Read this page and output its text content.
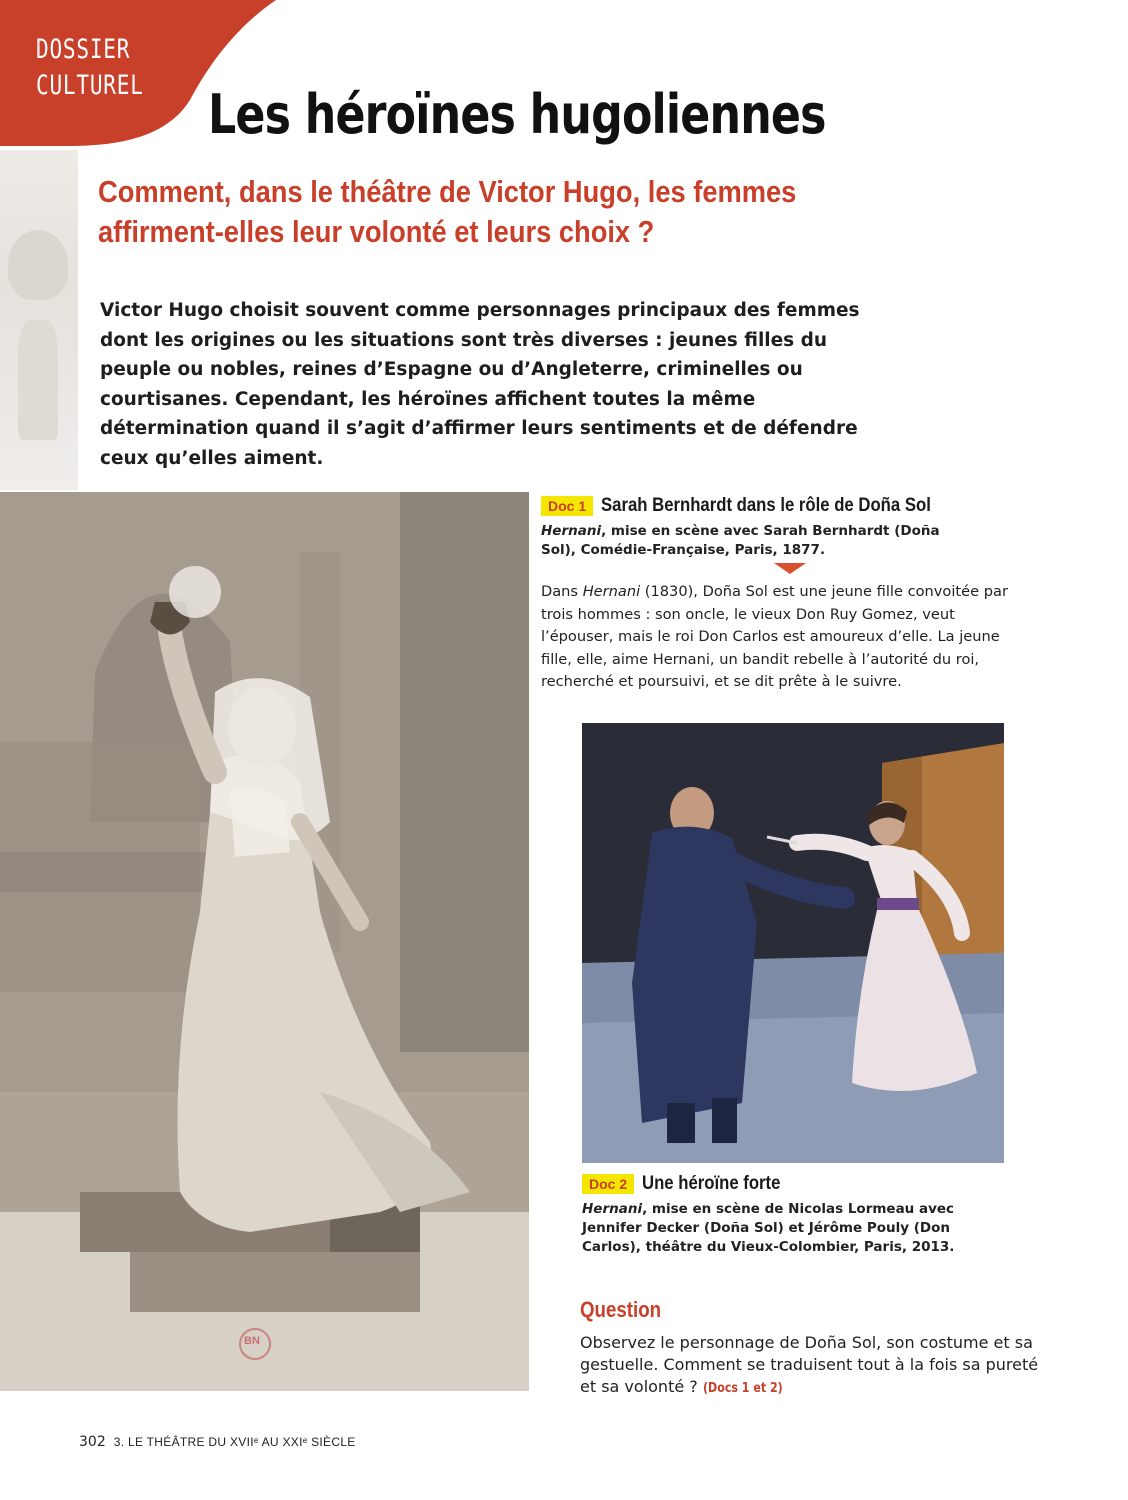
DOSSIER
CULTUREL Les héroïnes hugoliennes
Comment, dans le théâtre de Victor Hugo, les femmes affirment-elles leur volonté et leurs choix ?

Victor Hugo choisit souvent comme personnages principaux des femmes dont les origines ou les situations sont très diverses : jeunes filles du peuple ou nobles, reines d’Espagne ou d’Angleterre, criminelles ou courtisanes. Cependant, les héroïnes affichent toutes la même détermination quand il s’agit d’affirmer leurs sentiments et de défendre ceux qu’elles aiment.

BN
Doc 1 Sarah Bernhardt dans le rôle de Doña Sol

Hernani, mise en scène avec Sarah Bernhardt (Doña Sol), Comédie-Française, Paris, 1877.

Dans Hernani (1830), Doña Sol est une jeune fille convoitée par trois hommes : son oncle, le vieux Don Ruy Gomez, veut l’épouser, mais le roi Don Carlos est amoureux d’elle. La jeune fille, elle, aime Hernani, un bandit rebelle à l’autorité du roi, recherché et poursuivi, et se dit prête à le suivre.

Doc 2 Une héroïne forte

Hernani, mise en scène de Nicolas Lormeau avec Jennifer Decker (Doña Sol) et Jérôme Pouly (Don Carlos), théâtre du Vieux-Colombier, Paris, 2013.

Question

Observez le personnage de Doña Sol, son costume et sa gestuelle. Comment se traduisent tout à la fois sa pureté et sa volonté ? (Docs 1 et 2)

302 3. LE THÉÂTRE DU XVIIᵉ AU XXIᵉ SIÈCLE
